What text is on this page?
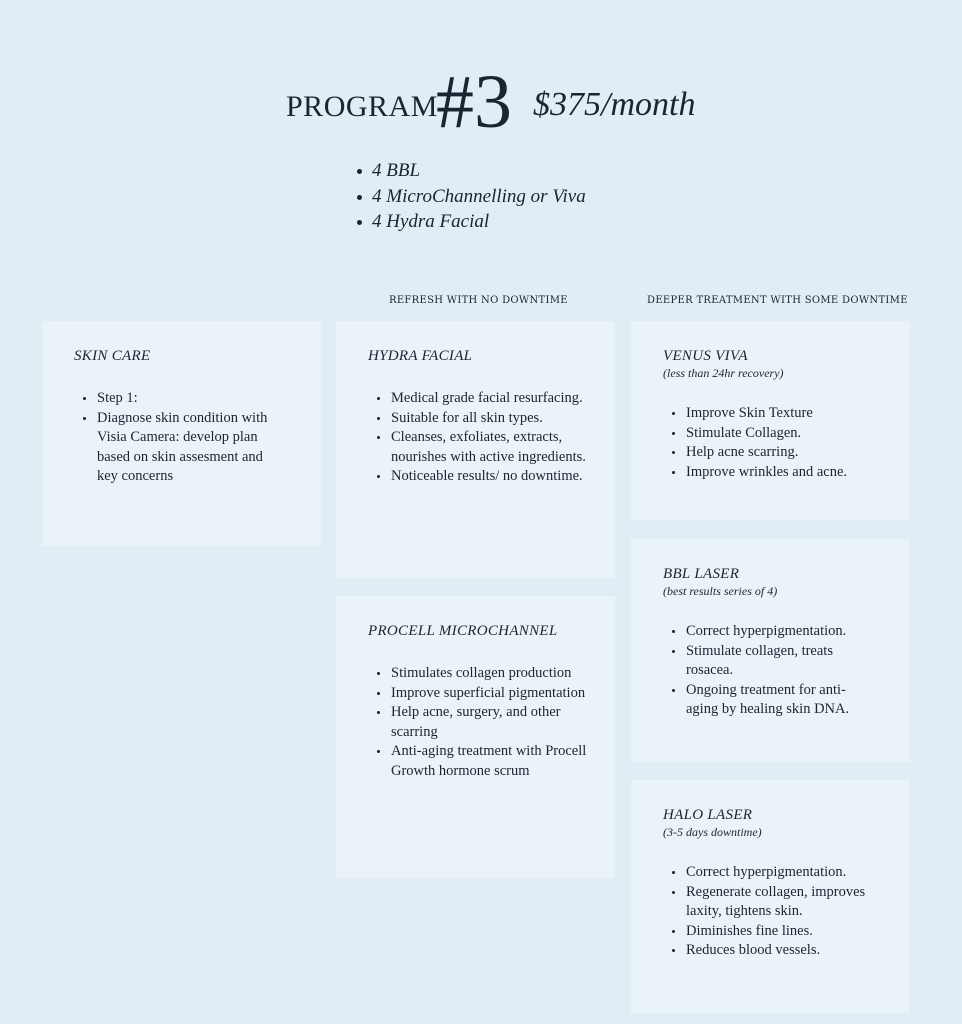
PROGRAM
#3 $375/month
4 BBL
4 MicroChannelling or Viva
4 Hydra Facial
REFRESH WITH NO DOWNTIME	DEEPER TREATMENT WITH SOME DOWNTIME

SKIN CARE

Step 1:
Diagnose skin condition with Visia Camera: develop plan based on skin assesment and key concerns

HYDRA FACIAL

Medical grade facial resurfacing.
Suitable for all skin types.
Cleanses, exfoliates, extracts, nourishes with active ingredients.
Noticeable results/ no downtime.

PROCELL MICROCHANNEL

Stimulates collagen production
Improve superficial pigmentation
Help acne, surgery, and other scarring
Anti-aging treatment with Procell Growth hormone scrum

VENUS VIVA

(less than 24hr recovery)

Improve Skin Texture
Stimulate Collagen.
Help acne scarring.
Improve wrinkles and acne.

BBL LASER

(best results series of 4)

Correct hyperpigmentation.
Stimulate collagen, treats rosacea.
Ongoing treatment for anti-aging by healing skin DNA.

HALO LASER

(3-5 days downtime)

Correct hyperpigmentation.
Regenerate collagen, improves laxity, tightens skin.
Diminishes fine lines.
Reduces blood vessels.
